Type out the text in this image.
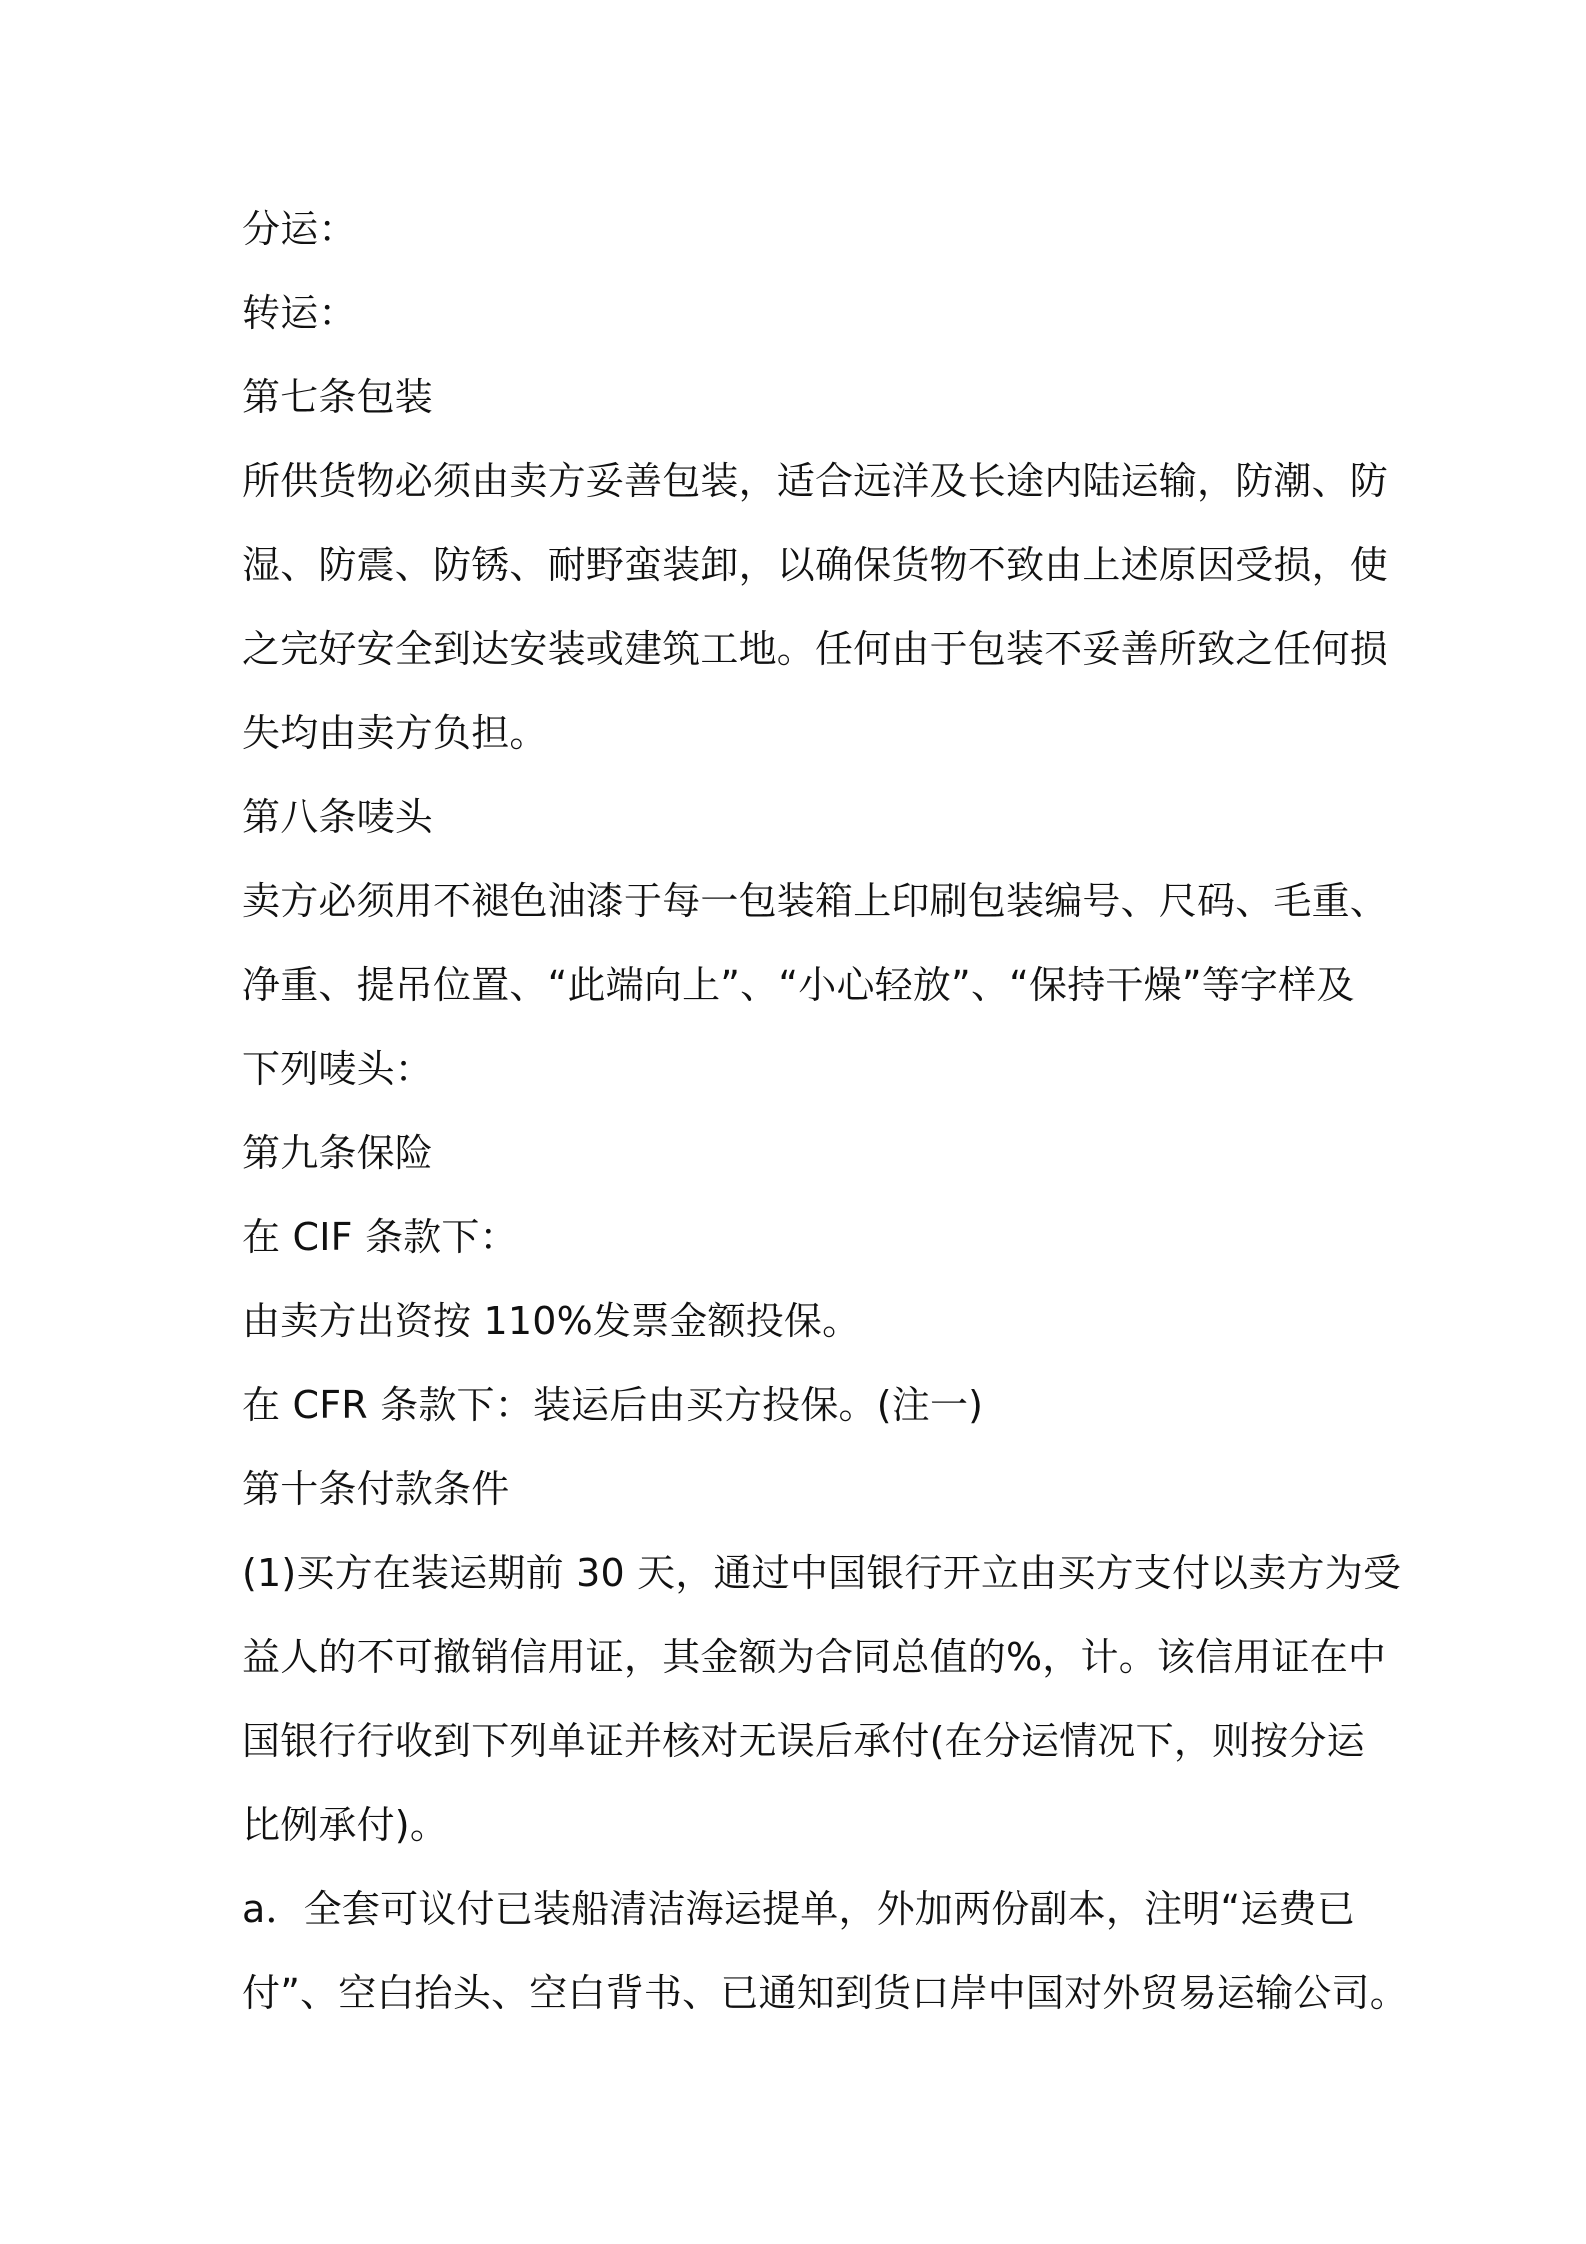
分运：
转运：
第七条包装
所供货物必须由卖方妥善包装，适合远洋及长途内陆运输，防潮、防
湿、防震、防锈、耐野蛮装卸，以确保货物不致由上述原因受损，使
之完好安全到达安装或建筑工地。任何由于包装不妥善所致之任何损
失均由卖方负担。
第八条唛头
卖方必须用不褪色油漆于每一包装箱上印刷包装编号、尺码、毛重、
净重、提吊位置、“此端向上”、“小心轻放”、“保持干燥”等字样及
下列唛头：
第九条保险
在 CIF 条款下：
由卖方出资按 110%发票金额投保。
在 CFR 条款下：装运后由买方投保。(注一)
第十条付款条件
(1)买方在装运期前 30 天，通过中国银行开立由买方支付以卖方为受
益人的不可撤销信用证，其金额为合同总值的%，计。该信用证在中
国银行行收到下列单证并核对无误后承付(在分运情况下，则按分运
比例承付)。
a．全套可议付已装船清洁海运提单，外加两份副本，注明“运费已
付”、空白抬头、空白背书、已通知到货口岸中国对外贸易运输公司。
